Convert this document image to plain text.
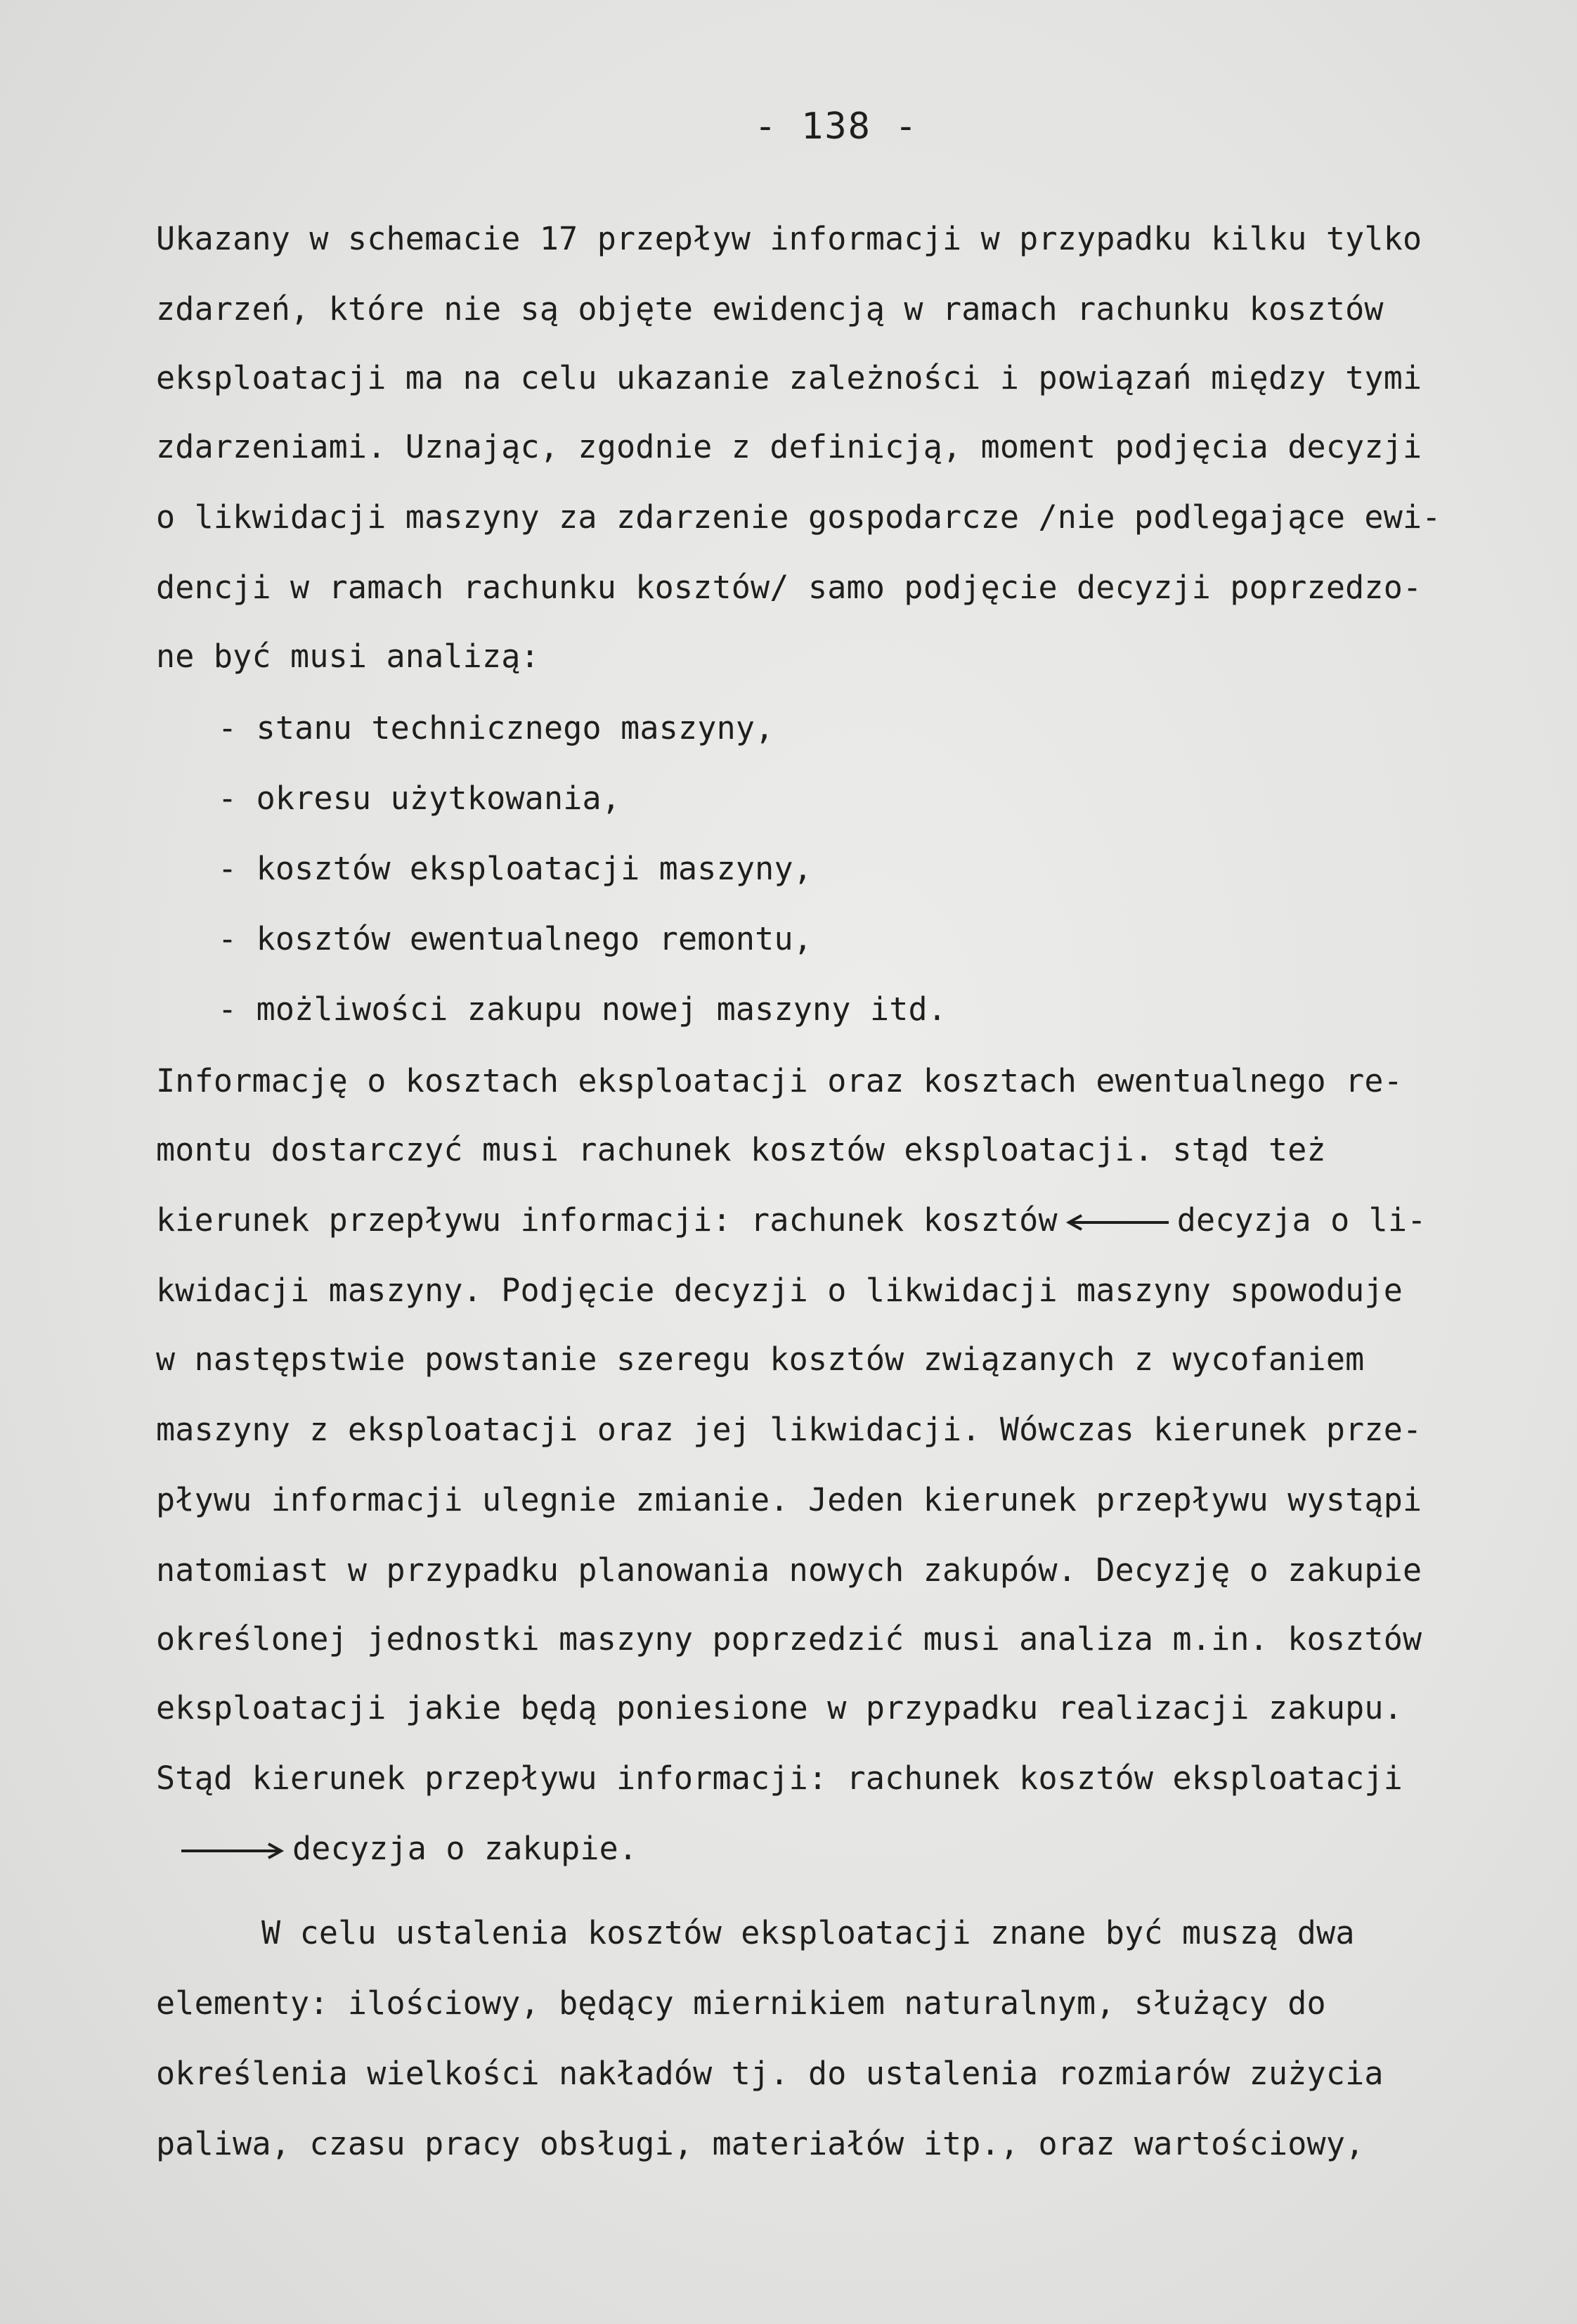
- 138 -
Ukazany w schemacie 17 przepływ informacji w przypadku kilku tylko
zdarzeń, które nie są objęte ewidencją w ramach rachunku kosztów
eksploatacji ma na celu ukazanie zależności i powiązań między tymi
zdarzeniami. Uznając, zgodnie z definicją, moment podjęcia decyzji
o likwidacji maszyny za zdarzenie gospodarcze /nie podlegające ewi-
dencji w ramach rachunku kosztów/ samo podjęcie decyzji poprzedzo-
ne być musi analizą:
- stanu technicznego maszyny,
- okresu użytkowania,
- kosztów eksploatacji maszyny,
- kosztów ewentualnego remontu,
- możliwości zakupu nowej maszyny itd.
Informację o kosztach eksploatacji oraz kosztach ewentualnego re-
montu dostarczyć musi rachunek kosztów eksploatacji. stąd też
kierunek przepływu informacji: rachunek kosztów	decyzja o li-
kwidacji maszyny. Podjęcie decyzji o likwidacji maszyny spowoduje
w następstwie powstanie szeregu kosztów związanych z wycofaniem
maszyny z eksploatacji oraz jej likwidacji. Wówczas kierunek prze-
pływu informacji ulegnie zmianie. Jeden kierunek przepływu wystąpi
natomiast w przypadku planowania nowych zakupów. Decyzję o zakupie
określonej jednostki maszyny poprzedzić musi analiza m.in. kosztów
eksploatacji jakie będą poniesione w przypadku realizacji zakupu.
Stąd kierunek przepływu informacji: rachunek kosztów eksploatacji
decyzja o zakupie.
W celu ustalenia kosztów eksploatacji znane być muszą dwa
elementy: ilościowy, będący miernikiem naturalnym, służący do
określenia wielkości nakładów tj. do ustalenia rozmiarów zużycia
paliwa, czasu pracy obsługi, materiałów itp., oraz wartościowy,
